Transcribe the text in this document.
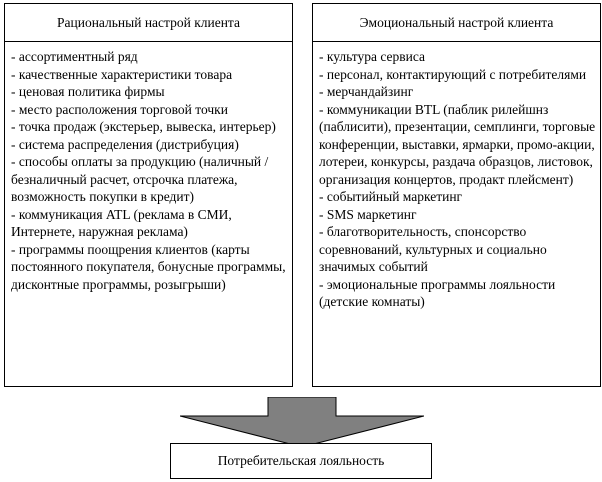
Рациональный настрой клиента
- ассортиментный ряд
- качественные характеристики товара
- ценовая политика фирмы
- место расположения торговой точки
- точка продаж (экстерьер, вывеска, интерьер)
- система распределения (дистрибуция)
- способы оплаты за продукцию (наличный / безналичный расчет, отсрочка платежа, возможность покупки в кредит)
- коммуникация ATL (реклама в СМИ, Интернете, наружная реклама)
- программы поощрения клиентов (карты постоянного покупателя, бонусные программы, дисконтные программы, розыгрыши)
Эмоциональный настрой клиента
- культура сервиса
- персонал, контактирующий с потребителями
- мерчандайзинг
- коммуникации BTL (паблик рилейшнз (паблисити), презентации, семплинги, торговые конференции, выставки, ярмарки, промо-акции, лотереи, конкурсы, раздача образцов, листовок, организация концертов, продакт плейсмент)
- событийный маркетинг
- SMS маркетинг
- благотворительность, спонсорство соревнований, культурных и социально значимых событий
- эмоциональные программы лояльности (детские комнаты)
Потребительская лояльность
